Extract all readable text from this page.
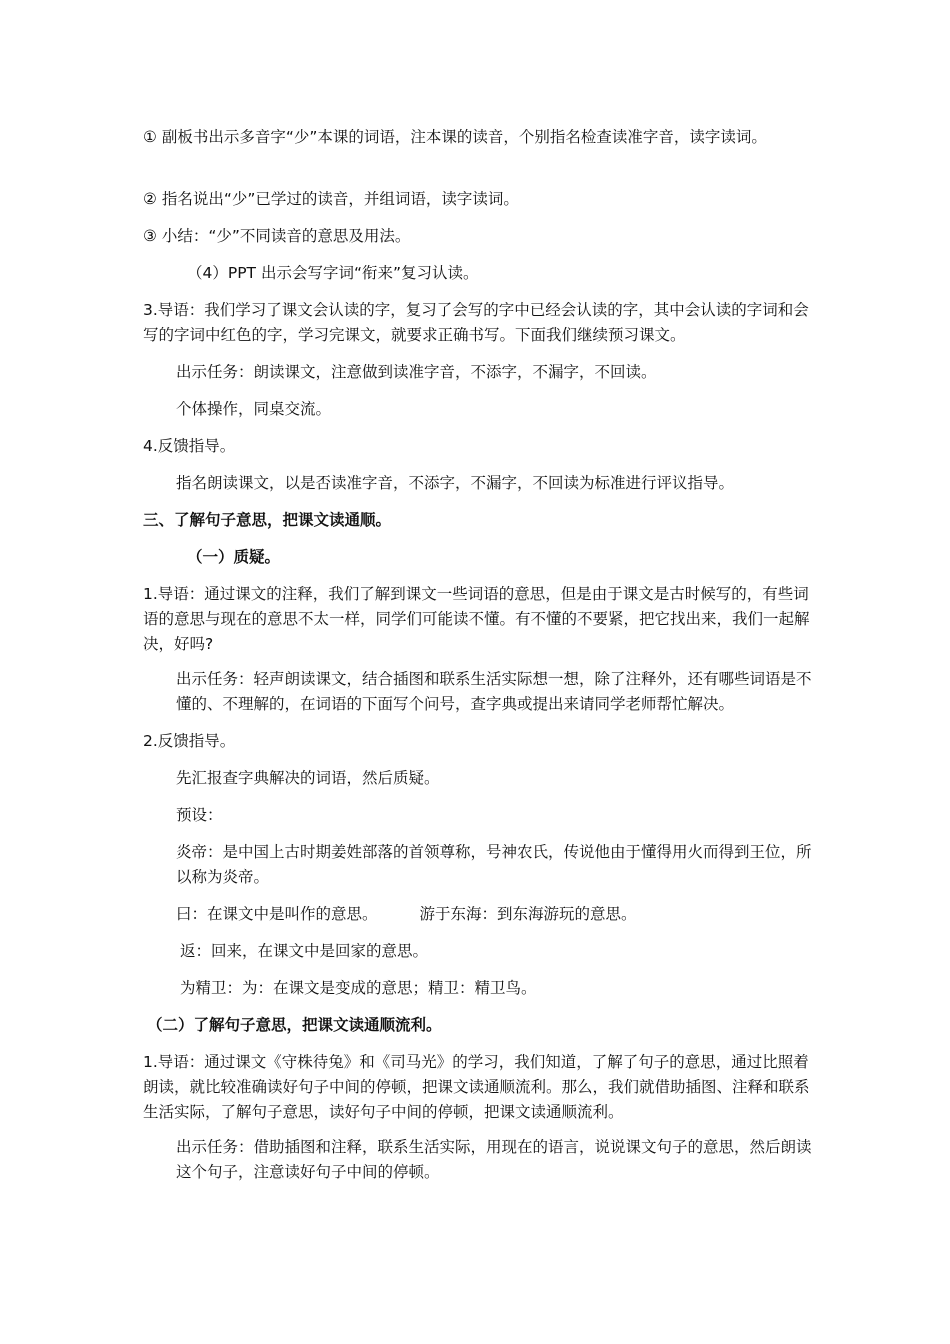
① 副板书出示多音字“少”本课的词语，注本课的读音，个别指名检查读准字音，读字读词。

② 指名说出“少”已学过的读音，并组词语，读字读词。

③ 小结：“少”不同读音的意思及用法。

（4）PPT 出示会写字词“衔来”复习认读。

3.导语：我们学习了课文会认读的字，复习了会写的字中已经会认读的字，其中会认读的字词和会写的字词中红色的字，学习完课文，就要求正确书写。下面我们继续预习课文。

出示任务：朗读课文，注意做到读准字音，不添字，不漏字，不回读。

个体操作，同桌交流。

4.反馈指导。

指名朗读课文，以是否读准字音，不添字，不漏字，不回读为标准进行评议指导。

三、了解句子意思，把课文读通顺。

（一）质疑。

1.导语：通过课文的注释，我们了解到课文一些词语的意思，但是由于课文是古时候写的，有些词语的意思与现在的意思不太一样，同学们可能读不懂。有不懂的不要紧，把它找出来，我们一起解决，好吗?

出示任务：轻声朗读课文，结合插图和联系生活实际想一想，除了注释外，还有哪些词语是不懂的、不理解的，在词语的下面写个问号，查字典或提出来请同学老师帮忙解决。

2.反馈指导。

先汇报查字典解决的词语，然后质疑。

预设：

炎帝：是中国上古时期姜姓部落的首领尊称，号神农氏，传说他由于懂得用火而得到王位，所以称为炎帝。

曰：在课文中是叫作的意思。	游于东海：到东海游玩的意思。

返：回来，在课文中是回家的意思。

为精卫：为：在课文是变成的意思；精卫：精卫鸟。

（二）了解句子意思，把课文读通顺流利。

1.导语：通过课文《守株待兔》和《司马光》的学习，我们知道，了解了句子的意思，通过比照着朗读，就比较准确读好句子中间的停顿，把课文读通顺流利。那么，我们就借助插图、注释和联系生活实际，了解句子意思，读好句子中间的停顿，把课文读通顺流利。

出示任务：借助插图和注释，联系生活实际，用现在的语言，说说课文句子的意思，然后朗读这个句子，注意读好句子中间的停顿。
